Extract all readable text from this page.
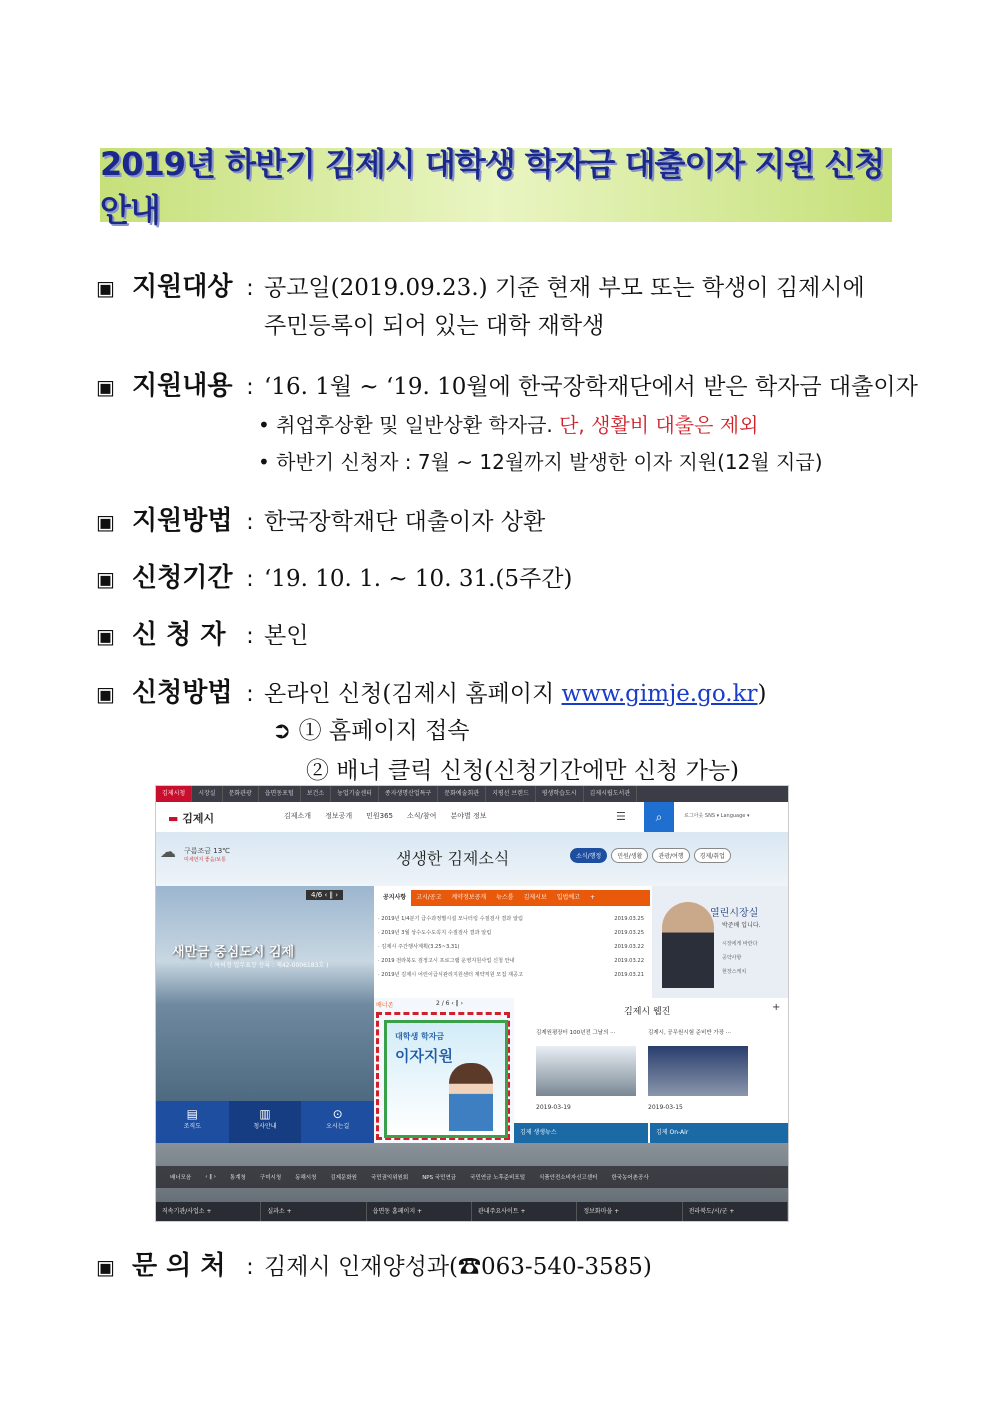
2019년 하반기 김제시 대학생 학자금 대출이자 지원 신청 안내
▣ 지원대상 : 공고일(2019.09.23.) 기준 현재 부모 또는 학생이 김제시에
주민등록이 되어 있는 대학 재학생
▣ 지원내용 : ‘16. 1월 ~ ‘19. 10월에 한국장학재단에서 받은 학자금 대출이자
• 취업후상환 및 일반상환 학자금. 단, 생활비 대출은 제외
• 하반기 신청자 : 7월 ~ 12월까지 발생한 이자 지원(12월 지급)
▣ 지원방법 : 한국장학재단 대출이자 상환
▣ 신청기간 : ‘19. 10. 1. ~ 10. 31.(5주간)
▣ 신 청 자 : 본인
▣ 신청방법 : 온라인 신청(김제시 홈페이지 www.gimje.go.kr)
➲ ① 홈페이지 접속
② 배너 클릭 신청(신청기간에만 신청 가능)
김제시청	시장실	문화관광	읍면동포털	보건소	농업기술센터	종자생명산업특구	문화예술회관	지평선 브랜드	평생학습도시	김제시립도서관
▬ 김제시	김제소개 정보공개 민원365 소식/참여 분야별 정보	☰	⌕	로그아웃 SNS ▾ Language ▾
☁ 구름조금 13℃
미세먼지 좋음/보통	생생한 김제소식	소식/행정	민원/생활	관광/여행	경제/취업
4/6 ‹ ‖ ›
새만금 중심도시 김제
( 특허청 업무표장 등록 : 제42-0006183호 )
▤
조직도
▥
청사안내
⊙
오시는길
공지사항	고시/공고	계약정보공개	뉴스룸	김제시보	입법예고	+
· 2019년 1/4분기 급수과정별시설 모니터링 수질검사 결과 알림	2019.03.25
· 2019년 3월 상수도수도꼭지 수질검사 결과 알림	2019.03.25
· 김제시 주간행사계획(3.25~3.31)	2019.03.22
· 2019 전라북도 검정고시 프로그램 운영지원사업 신청 안내	2019.03.22
· 2019년 김제시 어린이급식관리지원센터 계약직원 모집 재공고	2019.03.21
열린시장실
박준배 입니다.
시장에게 바란다
공약사항
현장스케치
배너존	2 / 6 ‹ ‖ ›
대학생 학자금
이자지원
김제시 웹진	+
김제원평장터 100년전 그날의 ···	김제시, 공무원시험 준비반 가장 ···
2019-03-19	2019-03-15
김제 생생뉴스	김제 On-Air
배너모음	‹ ‖ ›	통계청	구미시청	동해시청	김제문화원	국민권익위원회	NPS 국민연금	국민연금 노후준비포털	식품안전소비자신고센터	한국농어촌공사
직속기관/사업소 +	실과소 +	읍면동 홈페이지 +	관내주요사이트 +	정보화마을 +	전라북도/시/군 +
▣ 문 의 처 : 김제시 인재양성과(☎063-540-3585)
